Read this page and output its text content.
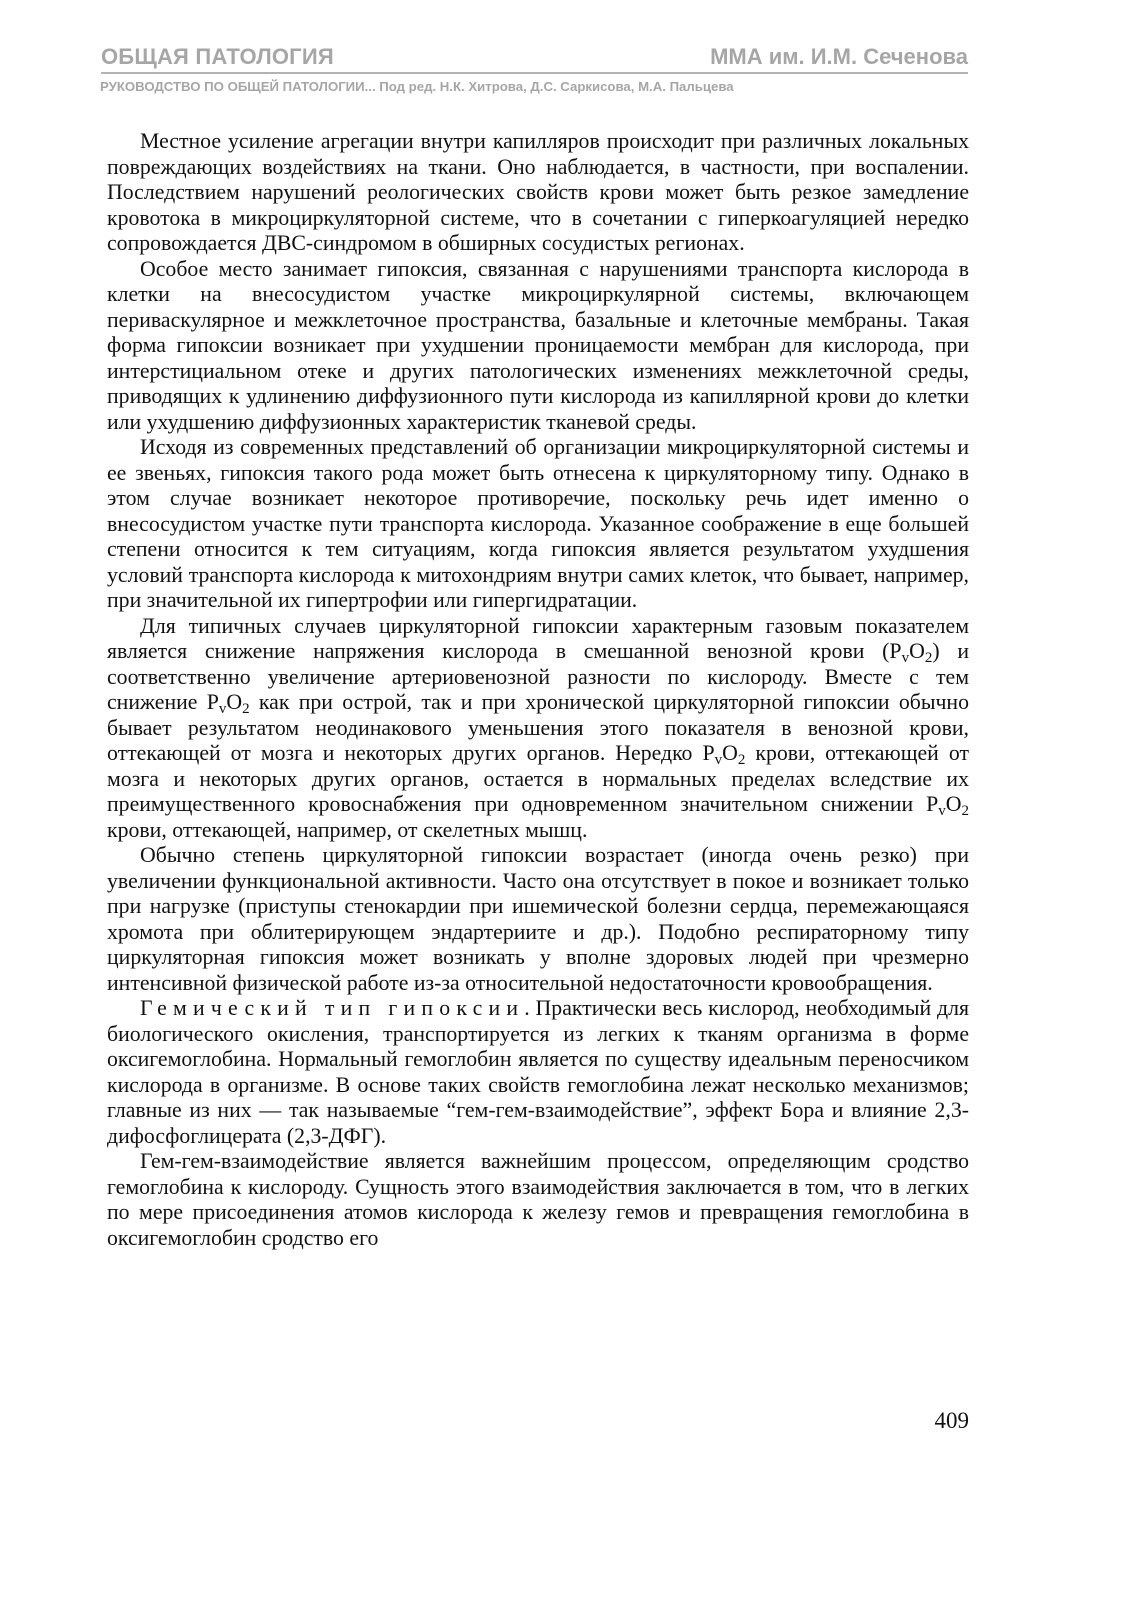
ОБЩАЯ ПАТОЛОГИЯ	ММА им. И.М. Сеченова
РУКОВОДСТВО ПО ОБЩЕЙ ПАТОЛОГИИ... Под ред. Н.К. Хитрова, Д.С. Саркисова, М.А. Пальцева

Местное усиление агрегации внутри капилляров происходит при различных локальных повреждающих воздействиях на ткани. Оно наблюдается, в частности, при воспалении. Последствием нарушений реологических свойств крови может быть резкое замедление кровотока в микроциркуляторной системе, что в сочетании с гиперкоагуляцией нередко сопровождается ДВС-синдромом в обширных сосудистых регионах.

Особое место занимает гипоксия, связанная с нарушениями транспорта кислорода в клетки на внесосудистом участке микроциркулярной системы, включающем периваскулярное и межклеточное пространства, базальные и клеточные мембраны. Такая форма гипоксии возникает при ухудшении проницаемости мембран для кислорода, при интерстициальном отеке и других патологических изменениях межклеточной среды, приводящих к удлинению диффузионного пути кислорода из капиллярной крови до клетки или ухудшению диффузионных характеристик тканевой среды.

Исходя из современных представлений об организации микроциркуляторной системы и ее звеньях, гипоксия такого рода может быть отнесена к циркуляторному типу. Однако в этом случае возникает некоторое противоречие, поскольку речь идет именно о внесосудистом участке пути транспорта кислорода. Указанное соображение в еще большей степени относится к тем ситуациям, когда гипоксия является результатом ухудшения условий транспорта кислорода к митохондриям внутри самих клеток, что бывает, например, при значительной их гипертрофии или гипергидратации.

Для типичных случаев циркуляторной гипоксии характерным газовым показателем является снижение напряжения кислорода в смешанной венозной крови $(P_vO_2)$ и соответственно увеличение артериовенозной разности по кислороду. Вместе с тем снижение $P_vO_2$ как при острой, так и при хронической циркуляторной гипоксии обычно бывает результатом неодинакового уменьшения этого показателя в венозной крови, оттекающей от мозга и некоторых других органов. Нередко $P_vO_2$ крови, оттекающей от мозга и некоторых других органов, остается в нормальных пределах вследствие их преимущественного кровоснабжения при одновременном значительном снижении $P_vO_2$ крови, оттекающей, например, от скелетных мышц.

Обычно степень циркуляторной гипоксии возрастает (иногда очень резко) при увеличении функциональной активности. Часто она отсутствует в покое и возникает только при нагрузке (приступы стенокардии при ишемической болезни сердца, перемежающаяся хромота при облитерирующем эндартериите и др.). Подобно респираторному типу циркуляторная гипоксия может возникать у вполне здоровых людей при чрезмерно интенсивной физической работе из-за относительной недостаточности кровообращения.

Гемический тип гипоксии. Практически весь кислород, необходимый для биологического окисления, транспортируется из легких к тканям организма в форме оксигемоглобина. Нормальный гемоглобин является по существу идеальным переносчиком кислорода в организме. В основе таких свойств гемоглобина лежат несколько механизмов; главные из них — так называемые “гем-гем-взаимодействие”, эффект Бора и влияние 2,3-дифосфоглицерата (2,3-ДФГ).

Гем-гем-взаимодействие является важнейшим процессом, определяющим сродство гемоглобина к кислороду. Сущность этого взаимодействия заключается в том, что в легких по мере присоединения атомов кислорода к железу гемов и превращения гемоглобина в оксигемоглобин сродство его

409
